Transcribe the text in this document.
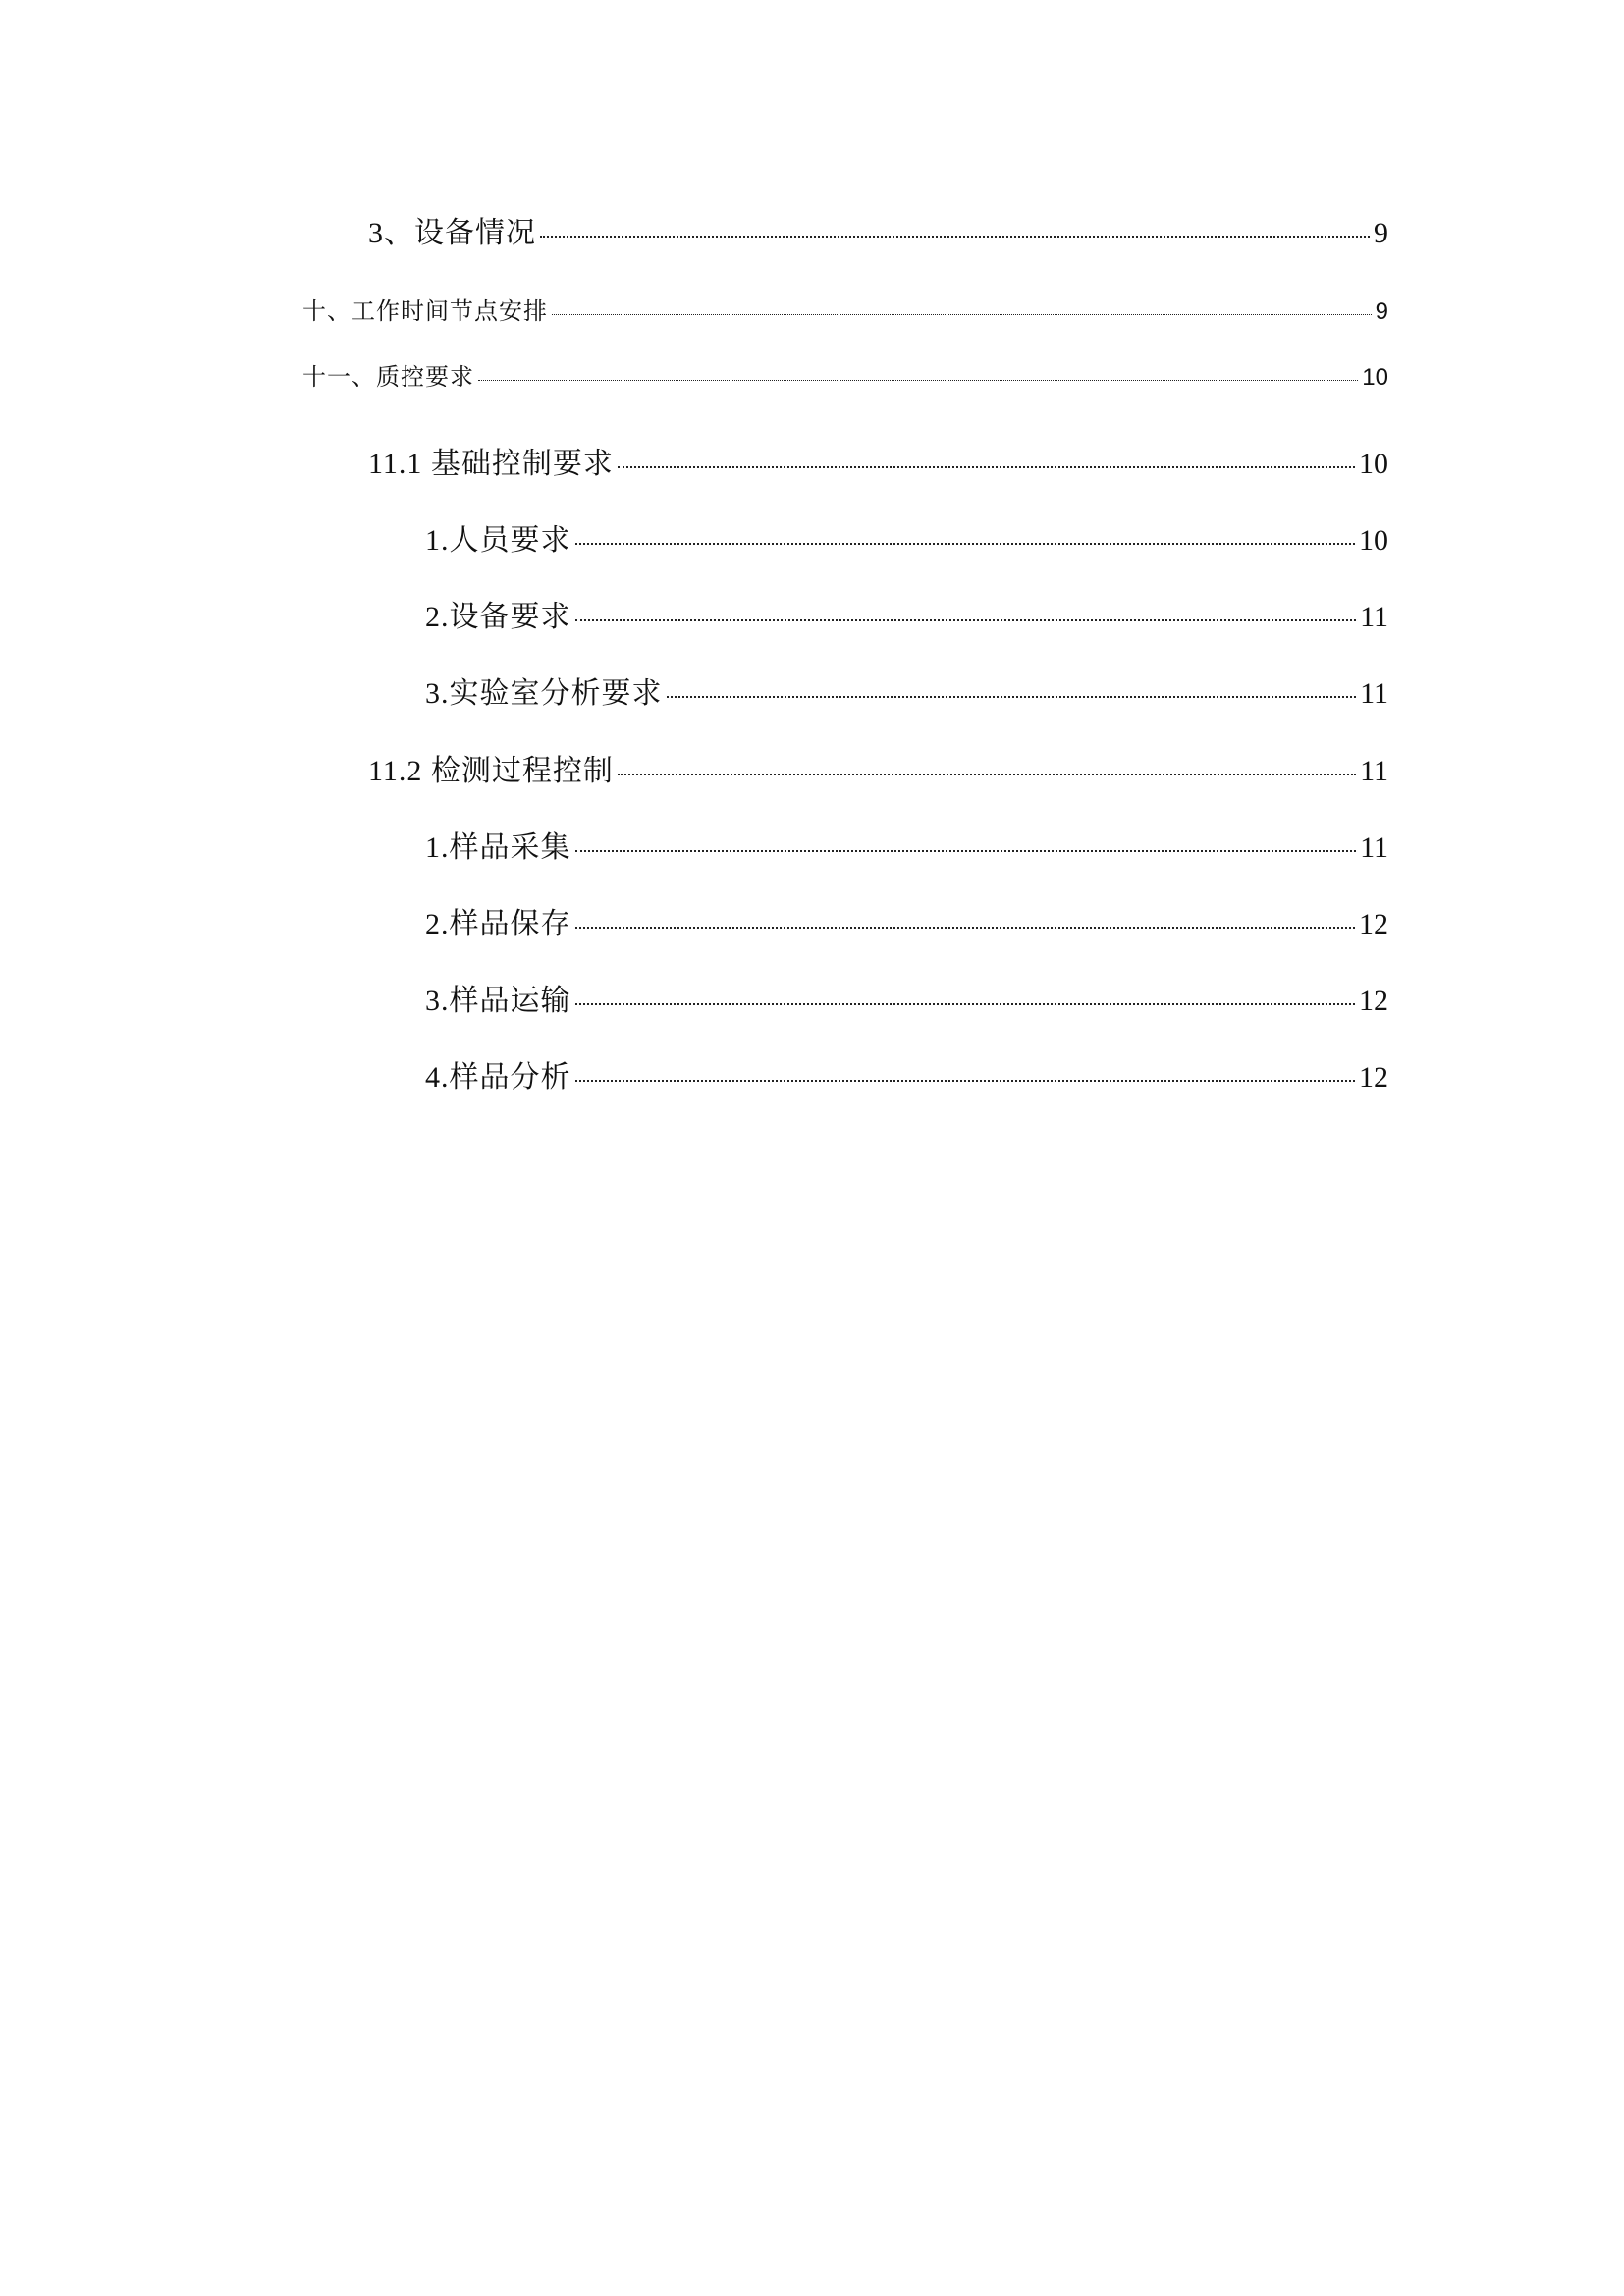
3、设备情况	9
十、工作时间节点安排	9
十一、质控要求	10
11.1 基础控制要求	10
1.人员要求	10
2.设备要求	11
3.实验室分析要求	11
11.2 检测过程控制	11
1.样品采集	11
2.样品保存	12
3.样品运输	12
4.样品分析	12
